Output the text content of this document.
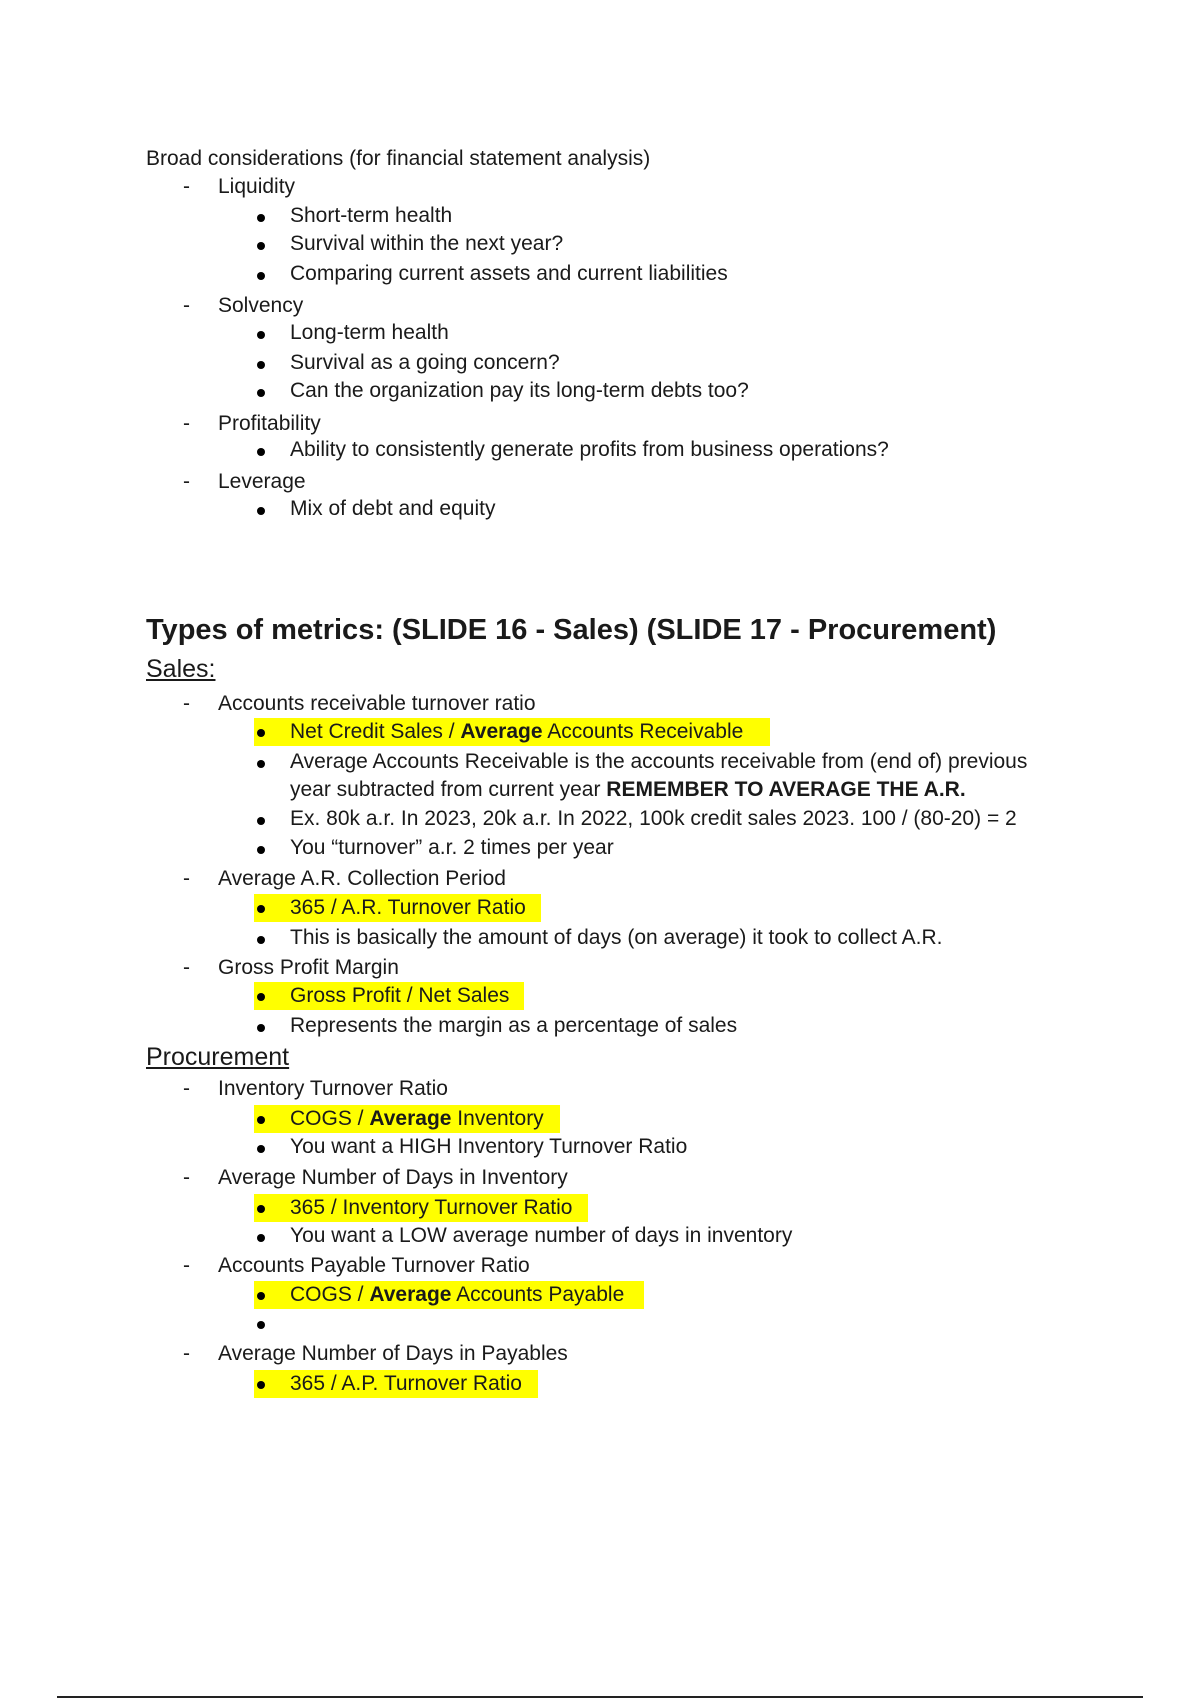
Broad considerations (for financial statement analysis)
- Liquidity
Short-term health
Survival within the next year?
Comparing current assets and current liabilities
- Solvency
Long-term health
Survival as a going concern?
Can the organization pay its long-term debts too?
- Profitability
Ability to consistently generate profits from business operations?
- Leverage
Mix of debt and equity
Types of metrics: (SLIDE 16 - Sales) (SLIDE 17 - Procurement)
Sales:
- Accounts receivable turnover ratio
Net Credit Sales / Average Accounts Receivable
Average Accounts Receivable is the accounts receivable from (end of) previous
year subtracted from current year REMEMBER TO AVERAGE THE A.R.
Ex. 80k a.r. In 2023, 20k a.r. In 2022, 100k credit sales 2023. 100 / (80-20) = 2
You “turnover” a.r. 2 times per year
- Average A.R. Collection Period
365 / A.R. Turnover Ratio
This is basically the amount of days (on average) it took to collect A.R.
- Gross Profit Margin
Gross Profit / Net Sales
Represents the margin as a percentage of sales
Procurement
- Inventory Turnover Ratio
COGS / Average Inventory
You want a HIGH Inventory Turnover Ratio
- Average Number of Days in Inventory
365 / Inventory Turnover Ratio
You want a LOW average number of days in inventory
- Accounts Payable Turnover Ratio
COGS / Average Accounts Payable
- Average Number of Days in Payables
365 / A.P. Turnover Ratio
